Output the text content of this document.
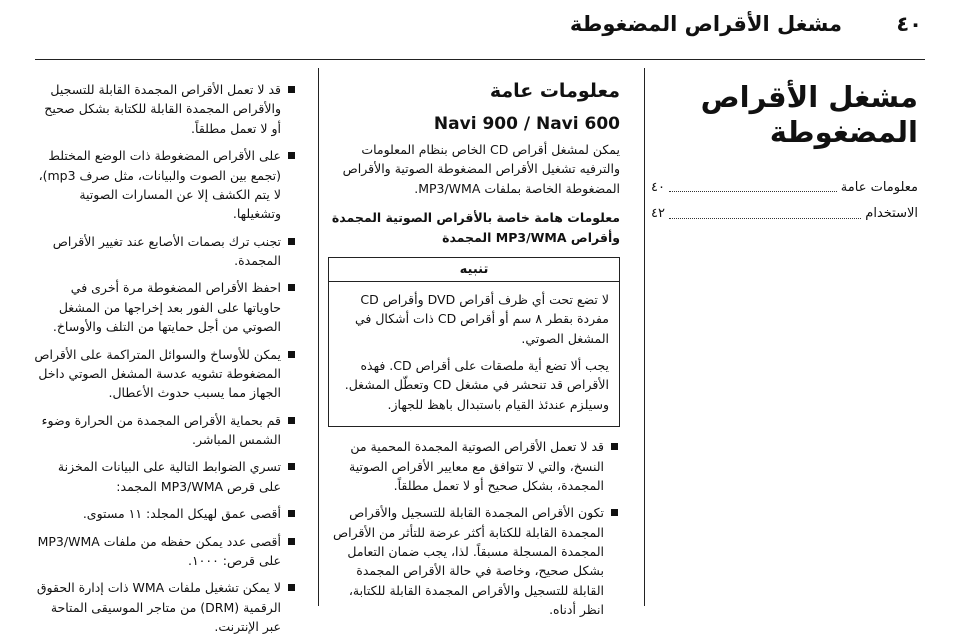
٤٠
مشغل الأقراص المضغوطة
مشغل الأقراص المضغوطة
معلومات عامة
٤٠
الاستخدام
٤٢
معلومات عامة
Navi 900 / Navi 600

يمكن لمشغل أقراص CD الخاص بنظام المعلومات والترفيه تشغيل الأقراص المضغوطة الصوتية والأقراص المضغوطة الخاصة بملفات MP3/WMA.

معلومات هامة خاصة بالأقراص الصوتية المجمدة وأقراص MP3/WMA المجمدة

تنبيه

لا تضع تحت أي ظرف أقراص DVD وأقراص CD مفردة بقطر ٨ سم أو أقراص CD ذات أشكال في المشغل الصوتي.

يجب ألا تضع أية ملصقات على أقراص CD. فهذه الأقراص قد تنحشر في مشغل CD وتعطّل المشغل. وسيلزم عندئذ القيام باستبدال باهظ للجهاز.

قد لا تعمل الأقراص الصوتية المجمدة المحمية من النسخ، والتي لا تتوافق مع معايير الأقراص الصوتية المجمدة، بشكل صحيح أو لا تعمل مطلقاً.
تكون الأقراص المجمدة القابلة للتسجيل والأقراص المجمدة القابلة للكتابة أكثر عرضة للتأثر من الأقراص المجمدة المسجلة مسبقاً. لذا، يجب ضمان التعامل بشكل صحيح، وخاصة في حالة الأقراص المجمدة القابلة للتسجيل والأقراص المجمدة القابلة للكتابة، انظر أدناه.
قد لا تعمل الأقراص المجمدة القابلة للتسجيل والأقراص المجمدة القابلة للكتابة بشكل صحيح أو لا تعمل مطلقاً.
على الأقراص المضغوطة ذات الوضع المختلط (تجمع بين الصوت والبيانات، مثل صرف mp3)، لا يتم الكشف إلا عن المسارات الصوتية وتشغيلها.
تجنب ترك بصمات الأصابع عند تغيير الأقراص المجمدة.
احفظ الأقراص المضغوطة مرة أخرى في حاوياتها على الفور بعد إخراجها من المشغل الصوتي من أجل حمايتها من التلف والأوساخ.
يمكن للأوساخ والسوائل المتراكمة على الأقراص المضغوطة تشويه عدسة المشغل الصوتي داخل الجهاز مما يسبب حدوث الأعطال.
قم بحماية الأقراص المجمدة من الحرارة وضوء الشمس المباشر.
تسري الضوابط التالية على البيانات المخزنة على قرص MP3/WMA المجمد:
أقصى عمق لهيكل المجلد: ١١ مستوى.
أقصى عدد يمكن حفظه من ملفات MP3/WMA على قرص: ١٠٠٠.
لا يمكن تشغيل ملفات WMA ذات إدارة الحقوق الرقمية (DRM) من متاجر الموسيقى المتاحة عبر الإنترنت.
